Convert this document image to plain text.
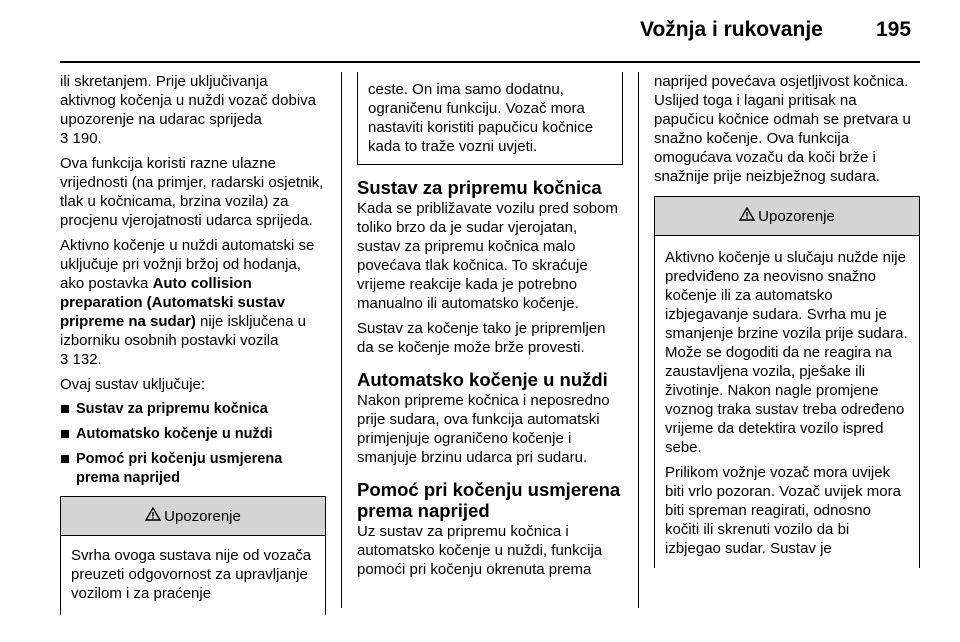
Vožnja i rukovanje	195

ili skretanjem. Prije uključivanja aktivnog kočenja u nuždi vozač dobiva upozorenje na udarac sprijeda
3 190.

Ova funkcija koristi razne ulazne vrijednosti (na primjer, radarski osjetnik, tlak u kočnicama, brzina vozila) za procjenu vjerojatnosti udarca sprijeda.

Aktivno kočenje u nuždi automatski se uključuje pri vožnji bržoj od hodanja, ako postavka Auto collision preparation (Automatski sustav pripreme na sudar) nije isključena u izborniku osobnih postavki vozila
3 132.

Ovaj sustav uključuje:

Sustav za pripremu kočnica
Automatsko kočenje u nuždi
Pomoć pri kočenju usmjerena prema naprijed
Upozorenje

Svrha ovoga sustava nije od vozača preuzeti odgovornost za upravljanje vozilom i za praćenje

ceste. On ima samo dodatnu, ograničenu funkciju. Vozač mora nastaviti koristiti papučicu kočnice kada to traže vozni uvjeti.
Sustav za pripremu kočnica

Kada se približavate vozilu pred sobom toliko brzo da je sudar vjerojatan, sustav za pripremu kočnica malo povećava tlak kočnica. To skraćuje vrijeme reakcije kada je potrebno manualno ili automatsko kočenje.

Sustav za kočenje tako je pripremljen da se kočenje može brže provesti.

Automatsko kočenje u nuždi

Nakon pripreme kočnica i neposredno prije sudara, ova funkcija automatski primjenjuje ograničeno kočenje i smanjuje brzinu udarca pri sudaru.

Pomoć pri kočenju usmjerena prema naprijed

Uz sustav za pripremu kočnica i automatsko kočenje u nuždi, funkcija pomoći pri kočenju okrenuta prema

naprijed povećava osjetljivost kočnica. Uslijed toga i lagani pritisak na papučicu kočnice odmah se pretvara u snažno kočenje. Ova funkcija omogućava vozaču da koči brže i snažnije prije neizbježnog sudara.

Upozorenje

Aktivno kočenje u slučaju nužde nije predviđeno za neovisno snažno kočenje ili za automatsko izbjegavanje sudara. Svrha mu je smanjenje brzine vozila prije sudara. Može se dogoditi da ne reagira na zaustavljena vozila, pješake ili životinje. Nakon nagle promjene voznog traka sustav treba određeno vrijeme da detektira vozilo ispred sebe.

Prilikom vožnje vozač mora uvijek biti vrlo pozoran. Vozač uvijek mora biti spreman reagirati, odnosno kočiti ili skrenuti vozilo da bi izbjegao sudar. Sustav je
